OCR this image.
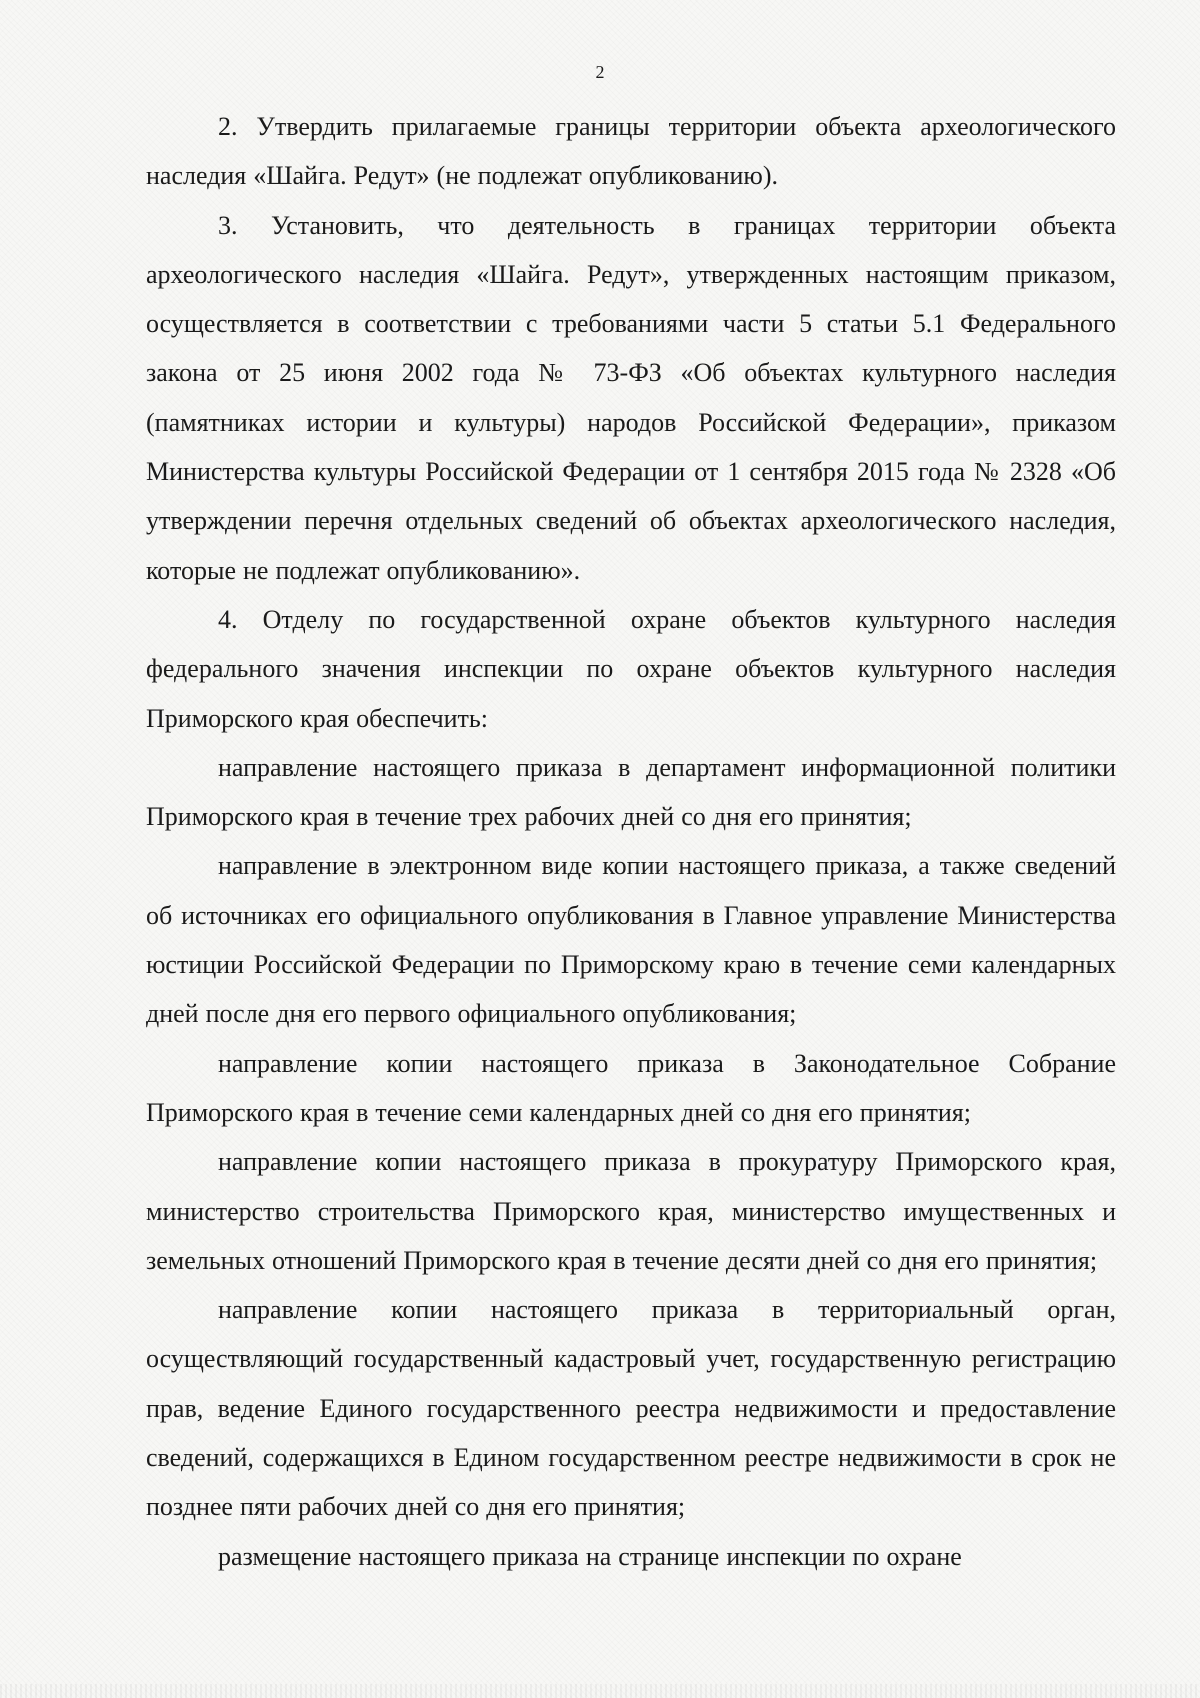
2

2. Утвердить прилагаемые границы территории объекта археологического наследия «Шайга. Редут» (не подлежат опубликованию).

3. Установить, что деятельность в границах территории объекта археологического наследия «Шайга. Редут», утвержденных настоящим приказом, осуществляется в соответствии с требованиями части 5 статьи 5.1 Федерального закона от 25 июня 2002 года № 73-ФЗ «Об объектах культурного наследия (памятниках истории и культуры) народов Российской Федерации», приказом Министерства культуры Российской Федерации от 1 сентября 2015 года № 2328 «Об утверждении перечня отдельных сведений об объектах археологического наследия, которые не подлежат опубликованию».

4. Отделу по государственной охране объектов культурного наследия федерального значения инспекции по охране объектов культурного наследия Приморского края обеспечить:

направление настоящего приказа в департамент информационной политики Приморского края в течение трех рабочих дней со дня его принятия;

направление в электронном виде копии настоящего приказа, а также сведений об источниках его официального опубликования в Главное управление Министерства юстиции Российской Федерации по Приморскому краю в течение семи календарных дней после дня его первого официального опубликования;

направление копии настоящего приказа в Законодательное Собрание Приморского края в течение семи календарных дней со дня его принятия;

направление копии настоящего приказа в прокуратуру Приморского края, министерство строительства Приморского края, министерство имущественных и земельных отношений Приморского края в течение десяти дней со дня его принятия;

направление копии настоящего приказа в территориальный орган, осуществляющий государственный кадастровый учет, государственную регистрацию прав, ведение Единого государственного реестра недвижимости и предоставление сведений, содержащихся в Едином государственном реестре недвижимости в срок не позднее пяти рабочих дней со дня его принятия;

размещение настоящего приказа на странице инспекции по охране
